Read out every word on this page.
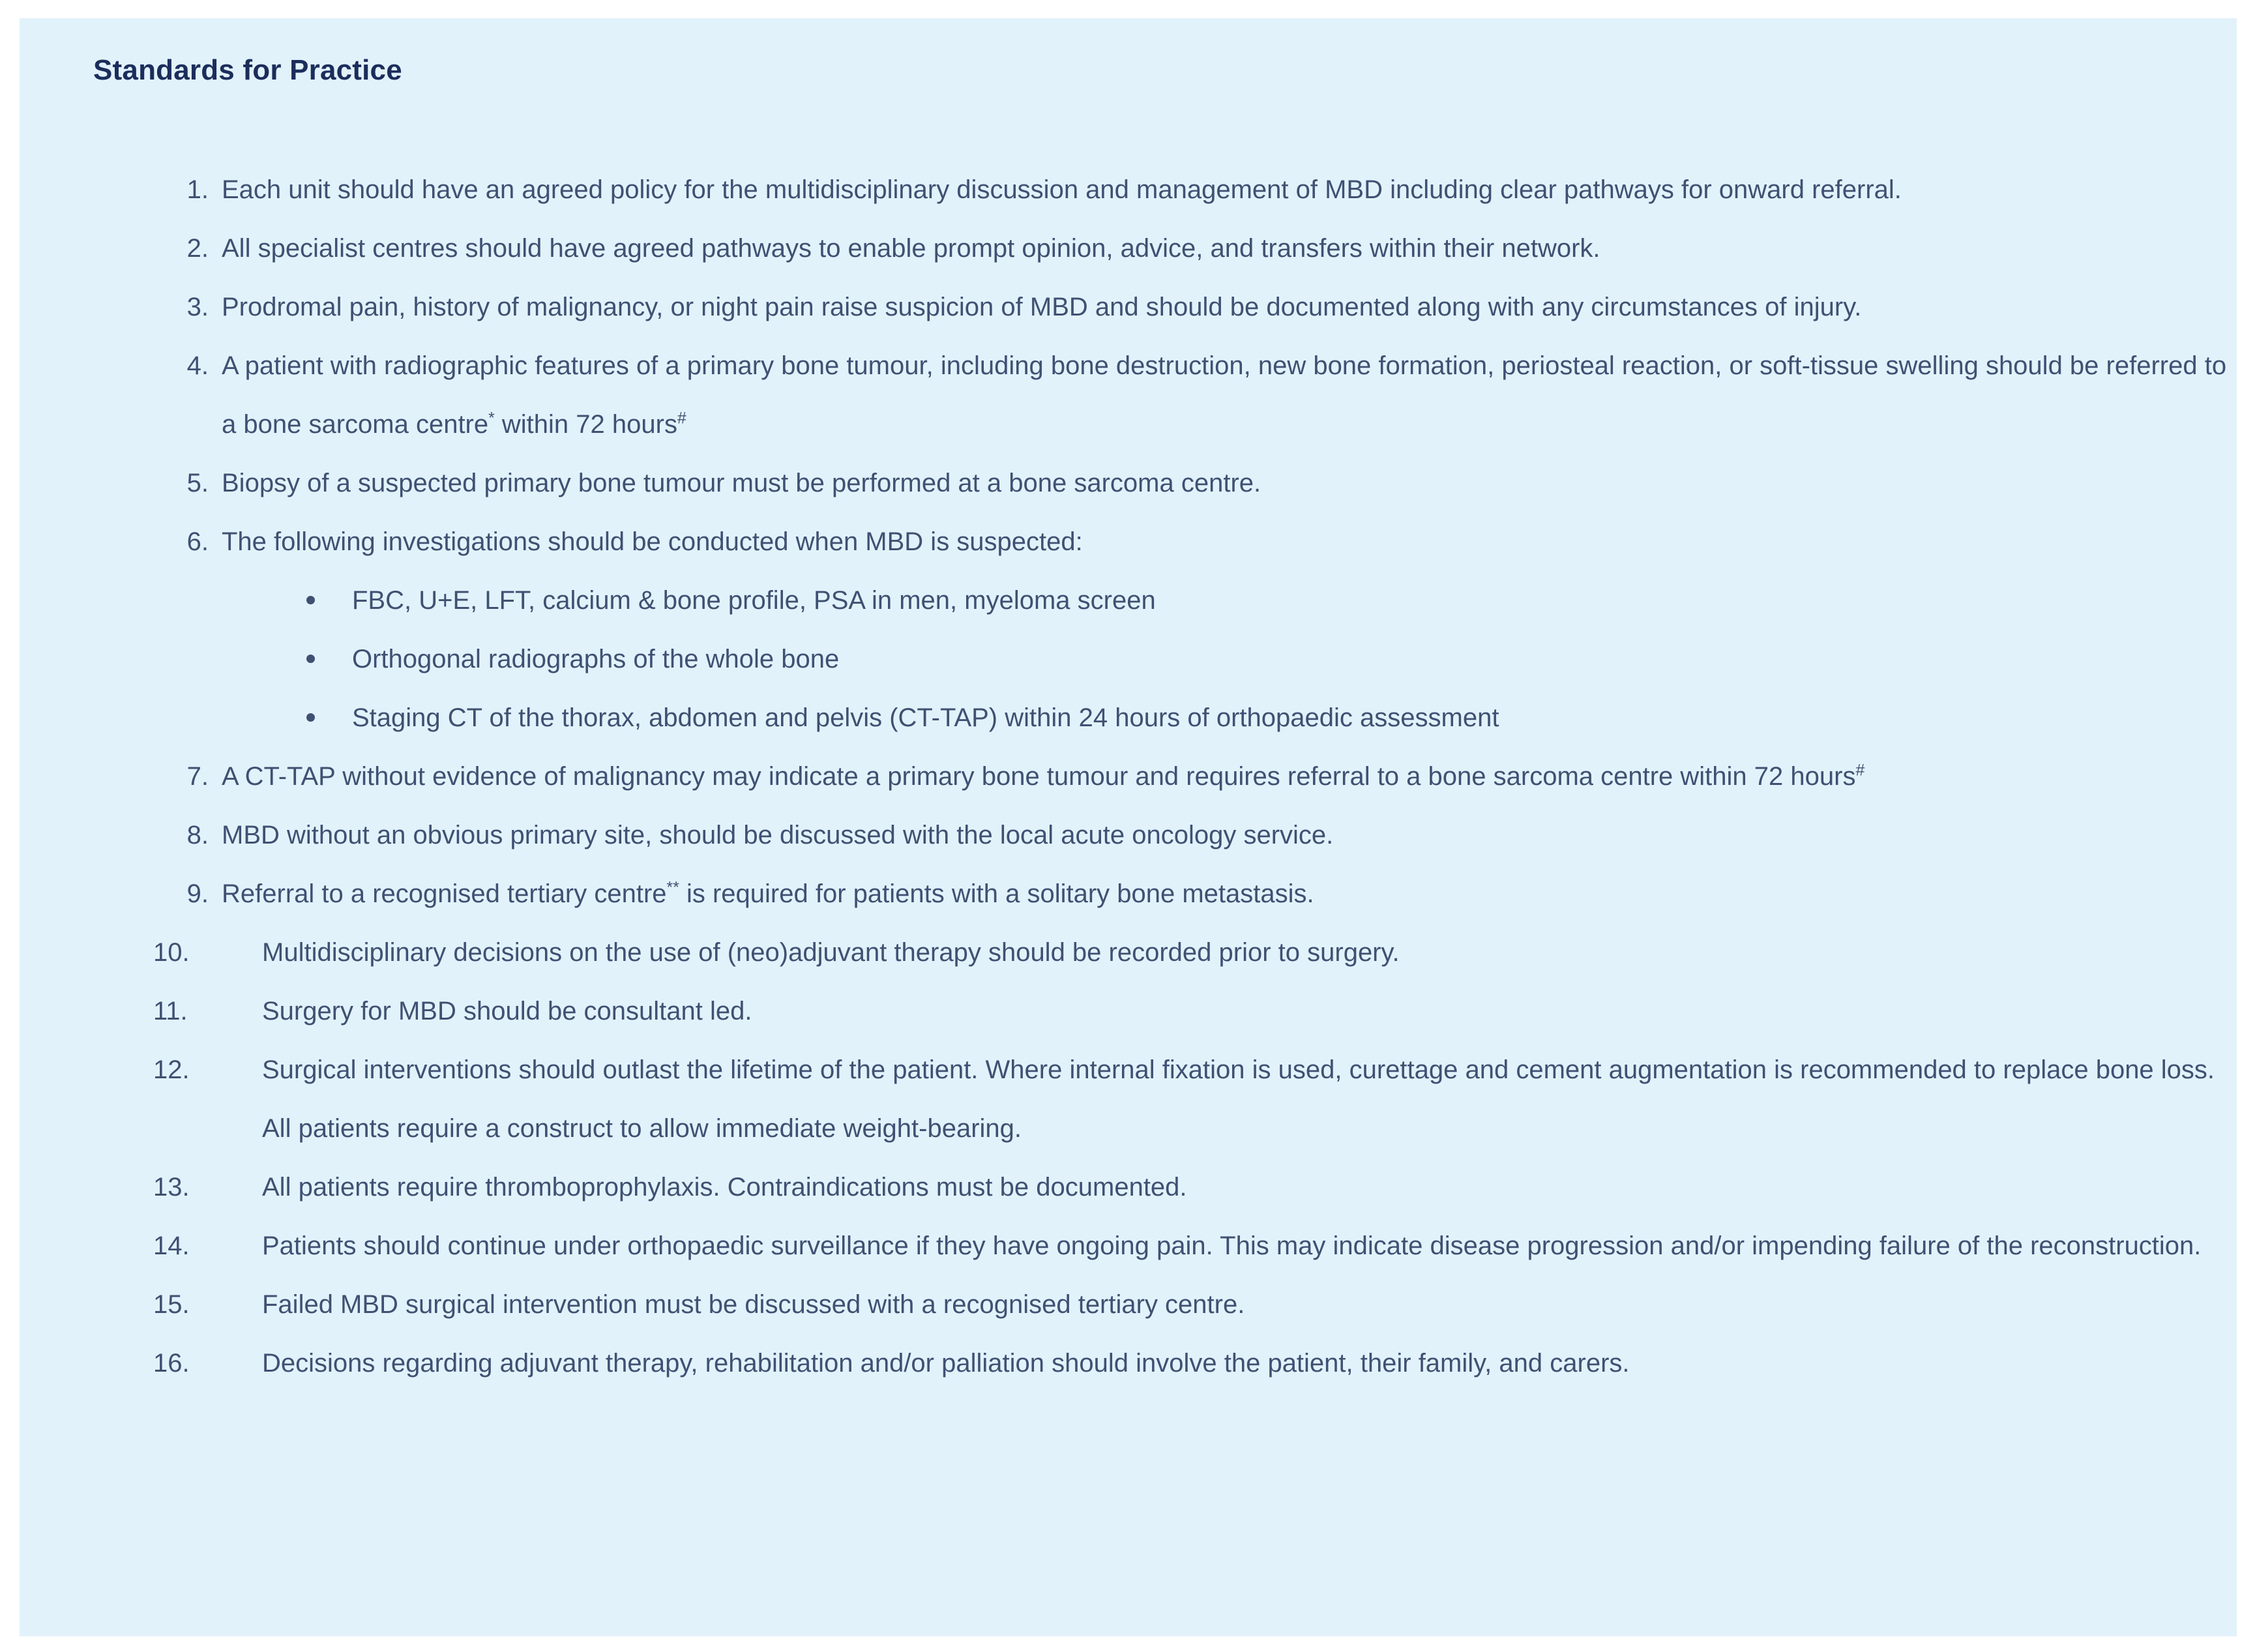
Standards for Practice
1. Each unit should have an agreed policy for the multidisciplinary discussion and management of MBD including clear pathways for onward referral.
2. All specialist centres should have agreed pathways to enable prompt opinion, advice, and transfers within their network.
3. Prodromal pain, history of malignancy, or night pain raise suspicion of MBD and should be documented along with any circumstances of injury.
4. A patient with radiographic features of a primary bone tumour, including bone destruction, new bone formation, periosteal reaction, or soft-tissue swelling should be referred to a bone sarcoma centre* within 72 hours#
5. Biopsy of a suspected primary bone tumour must be performed at a bone sarcoma centre.
6. The following investigations should be conducted when MBD is suspected:
FBC, U+E, LFT, calcium & bone profile, PSA in men, myeloma screen
Orthogonal radiographs of the whole bone
Staging CT of the thorax, abdomen and pelvis (CT-TAP) within 24 hours of orthopaedic assessment
7. A CT-TAP without evidence of malignancy may indicate a primary bone tumour and requires referral to a bone sarcoma centre within 72 hours#
8. MBD without an obvious primary site, should be discussed with the local acute oncology service.
9. Referral to a recognised tertiary centre** is required for patients with a solitary bone metastasis.
10.	Multidisciplinary decisions on the use of (neo)adjuvant therapy should be recorded prior to surgery.
11.	Surgery for MBD should be consultant led.
12.	Surgical interventions should outlast the lifetime of the patient. Where internal fixation is used, curettage and cement augmentation is recommended to replace bone loss. All patients require a construct to allow immediate weight-bearing.
13.	All patients require thromboprophylaxis. Contraindications must be documented.
14.	Patients should continue under orthopaedic surveillance if they have ongoing pain. This may indicate disease progression and/or impending failure of the reconstruction.
15.	Failed MBD surgical intervention must be discussed with a recognised tertiary centre.
16.	Decisions regarding adjuvant therapy, rehabilitation and/or palliation should involve the patient, their family, and carers.
